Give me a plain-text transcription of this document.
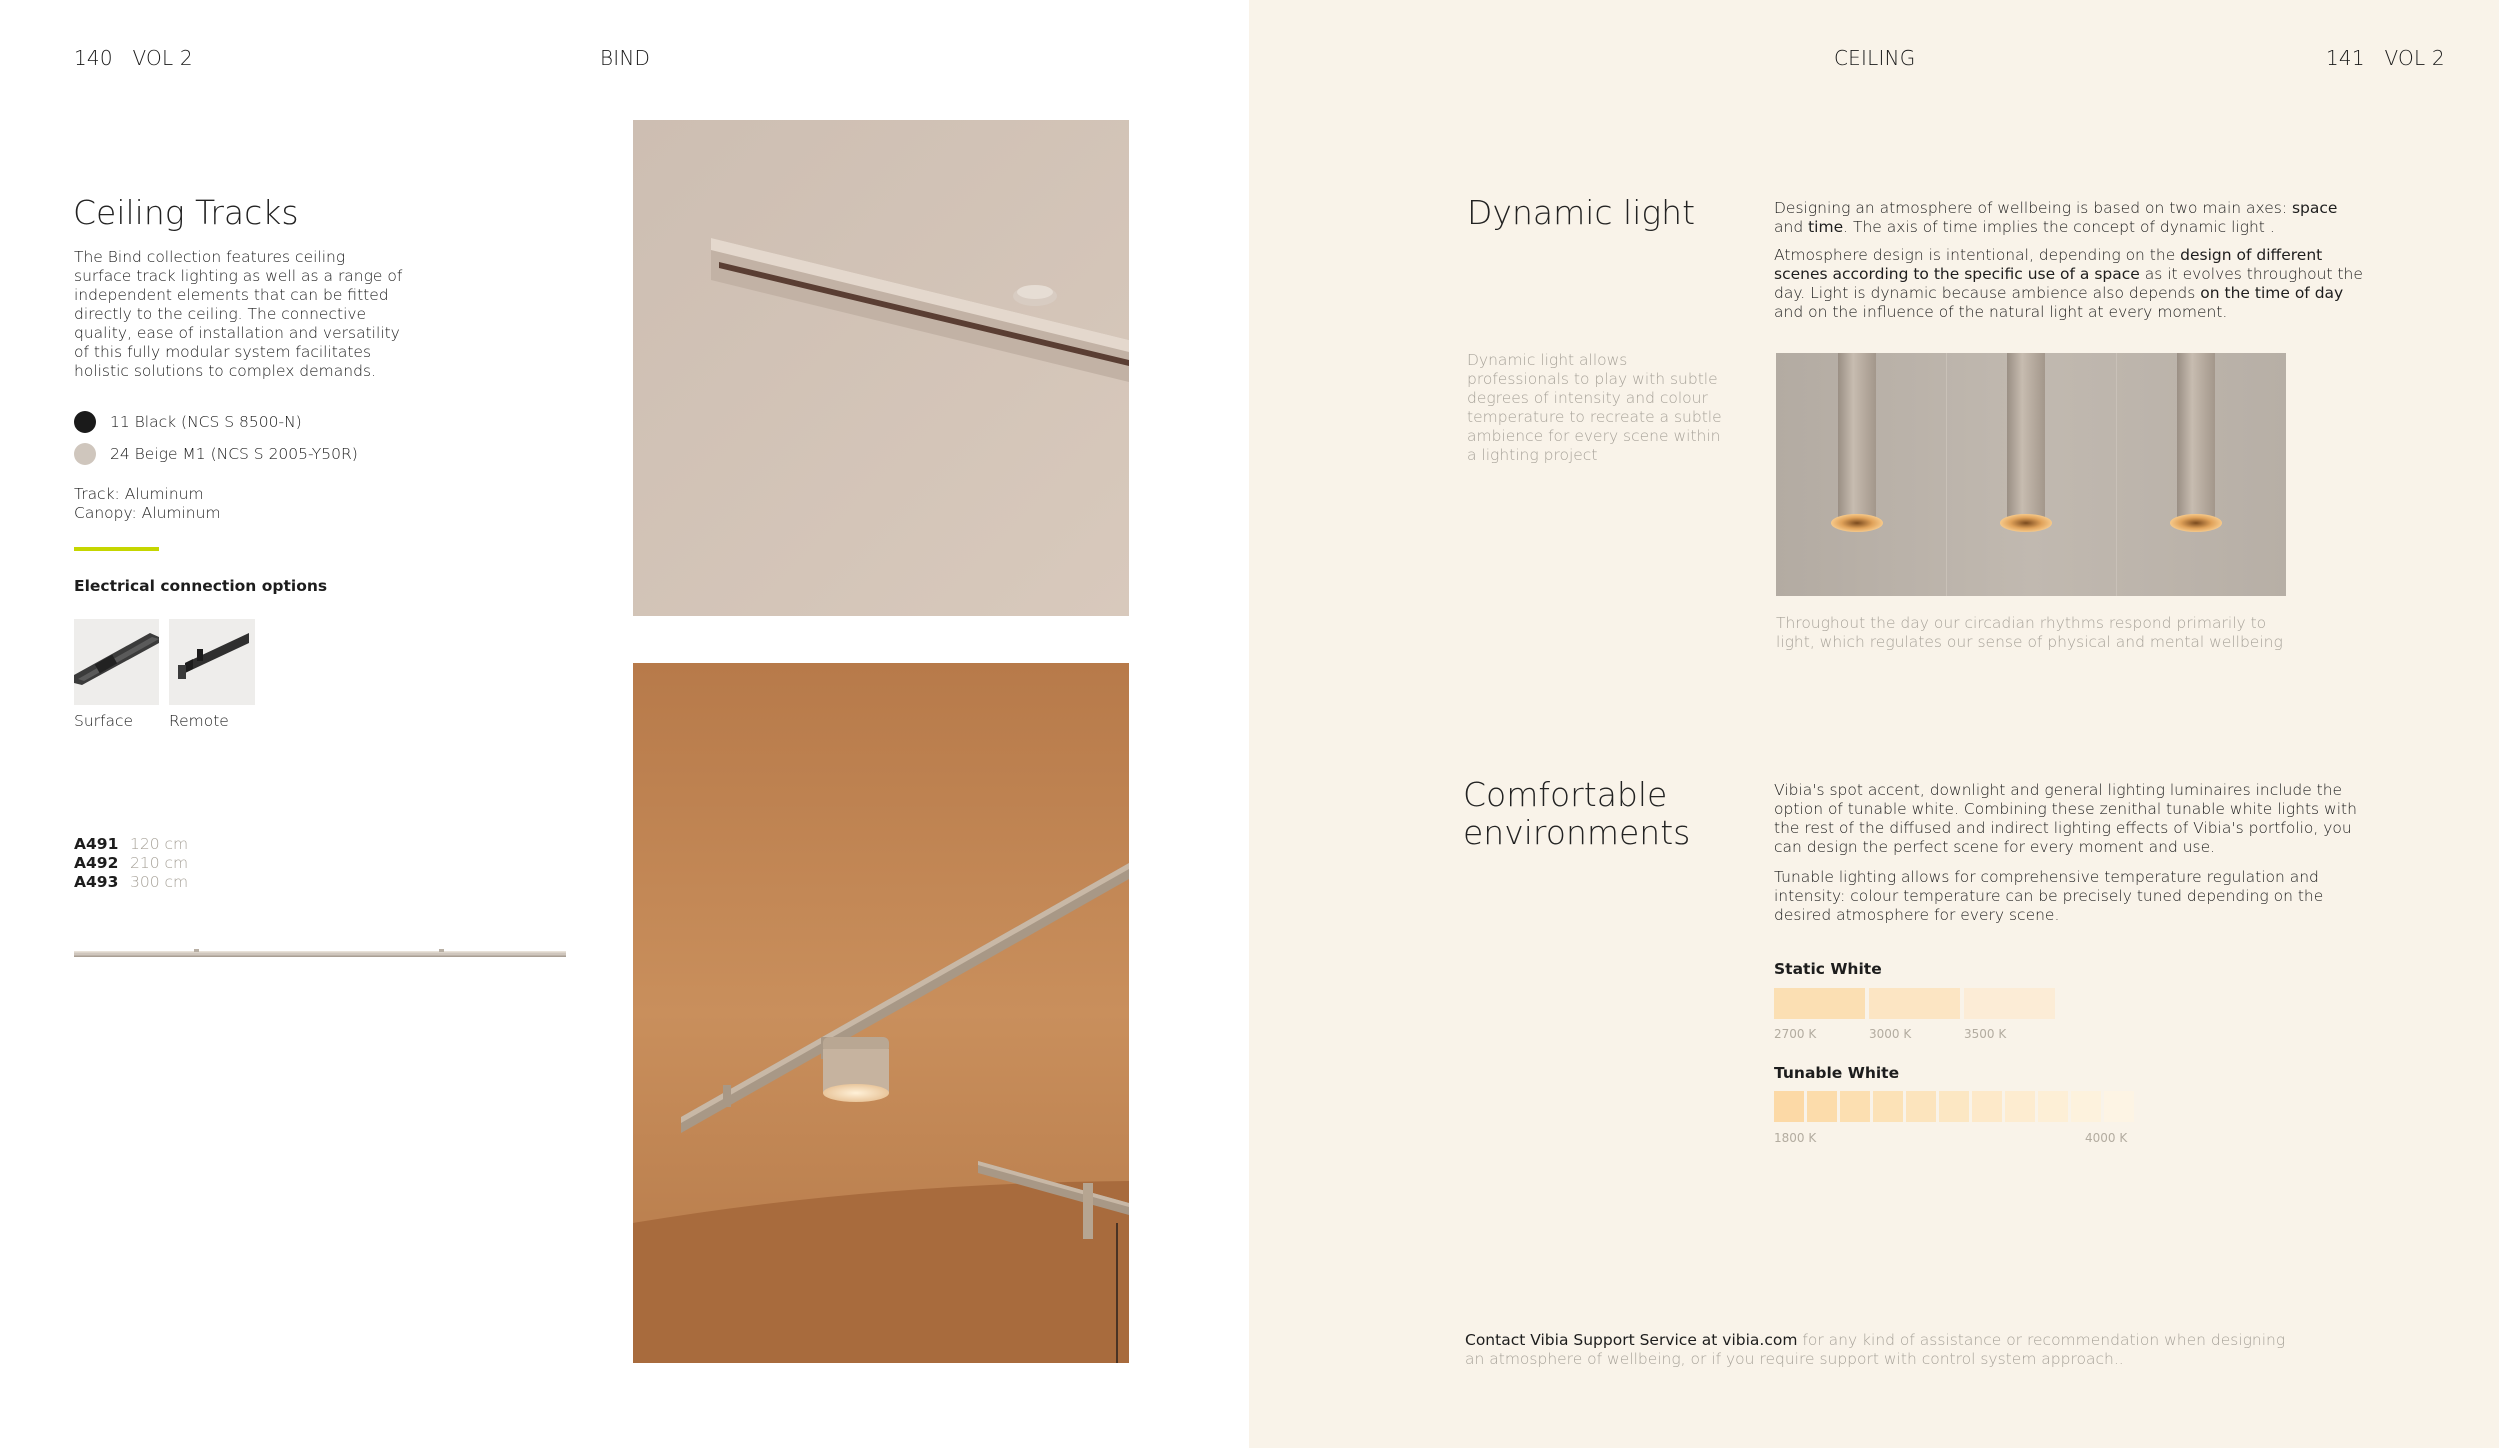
140 VOL 2	BIND
Ceiling Tracks
The Bind collection features ceiling surface track lighting as well as a range of independent elements that can be fitted directly to the ceiling. The connective quality, ease of installation and versatility of this fully modular system facilitates holistic solutions to complex demands.
11 Black (NCS S 8500-N)
24 Beige M1 (NCS S 2005-Y50R)
Track: Aluminum
Canopy: Aluminum
Electrical connection options
Surface Remote
A491 120 cm
A492 210 cm
A493 300 cm
CEILING	141 VOL 2
Dynamic light	Designing an atmosphere of wellbeing is based on two main axes: space and time. The axis of time implies the concept of dynamic light .
Atmosphere design is intentional, depending on the design of different scenes according to the specific use of a space as it evolves throughout the day. Light is dynamic because ambience also depends on the time of day and on the influence of the natural light at every moment.
Dynamic light allows professionals to play with subtle degrees of intensity and colour temperature to recreate a subtle ambience for every scene within a lighting project
Throughout the day our circadian rhythms respond primarily to light, which regulates our sense of physical and mental wellbeing
Comfortable
environments
Vibia's spot accent, downlight and general lighting luminaires include the option of tunable white. Combining these zenithal tunable white lights with the rest of the diffused and indirect lighting effects of Vibia's portfolio, you can design the perfect scene for every moment and use.
Tunable lighting allows for comprehensive temperature regulation and intensity: colour temperature can be precisely tuned depending on the desired atmosphere for every scene.
Static White
2700 K	3000 K	3500 K
Tunable White
1800 K	4000 K
Contact Vibia Support Service at vibia.com for any kind of assistance or recommendation when designing an atmosphere of wellbeing, or if you require support with control system approach..
